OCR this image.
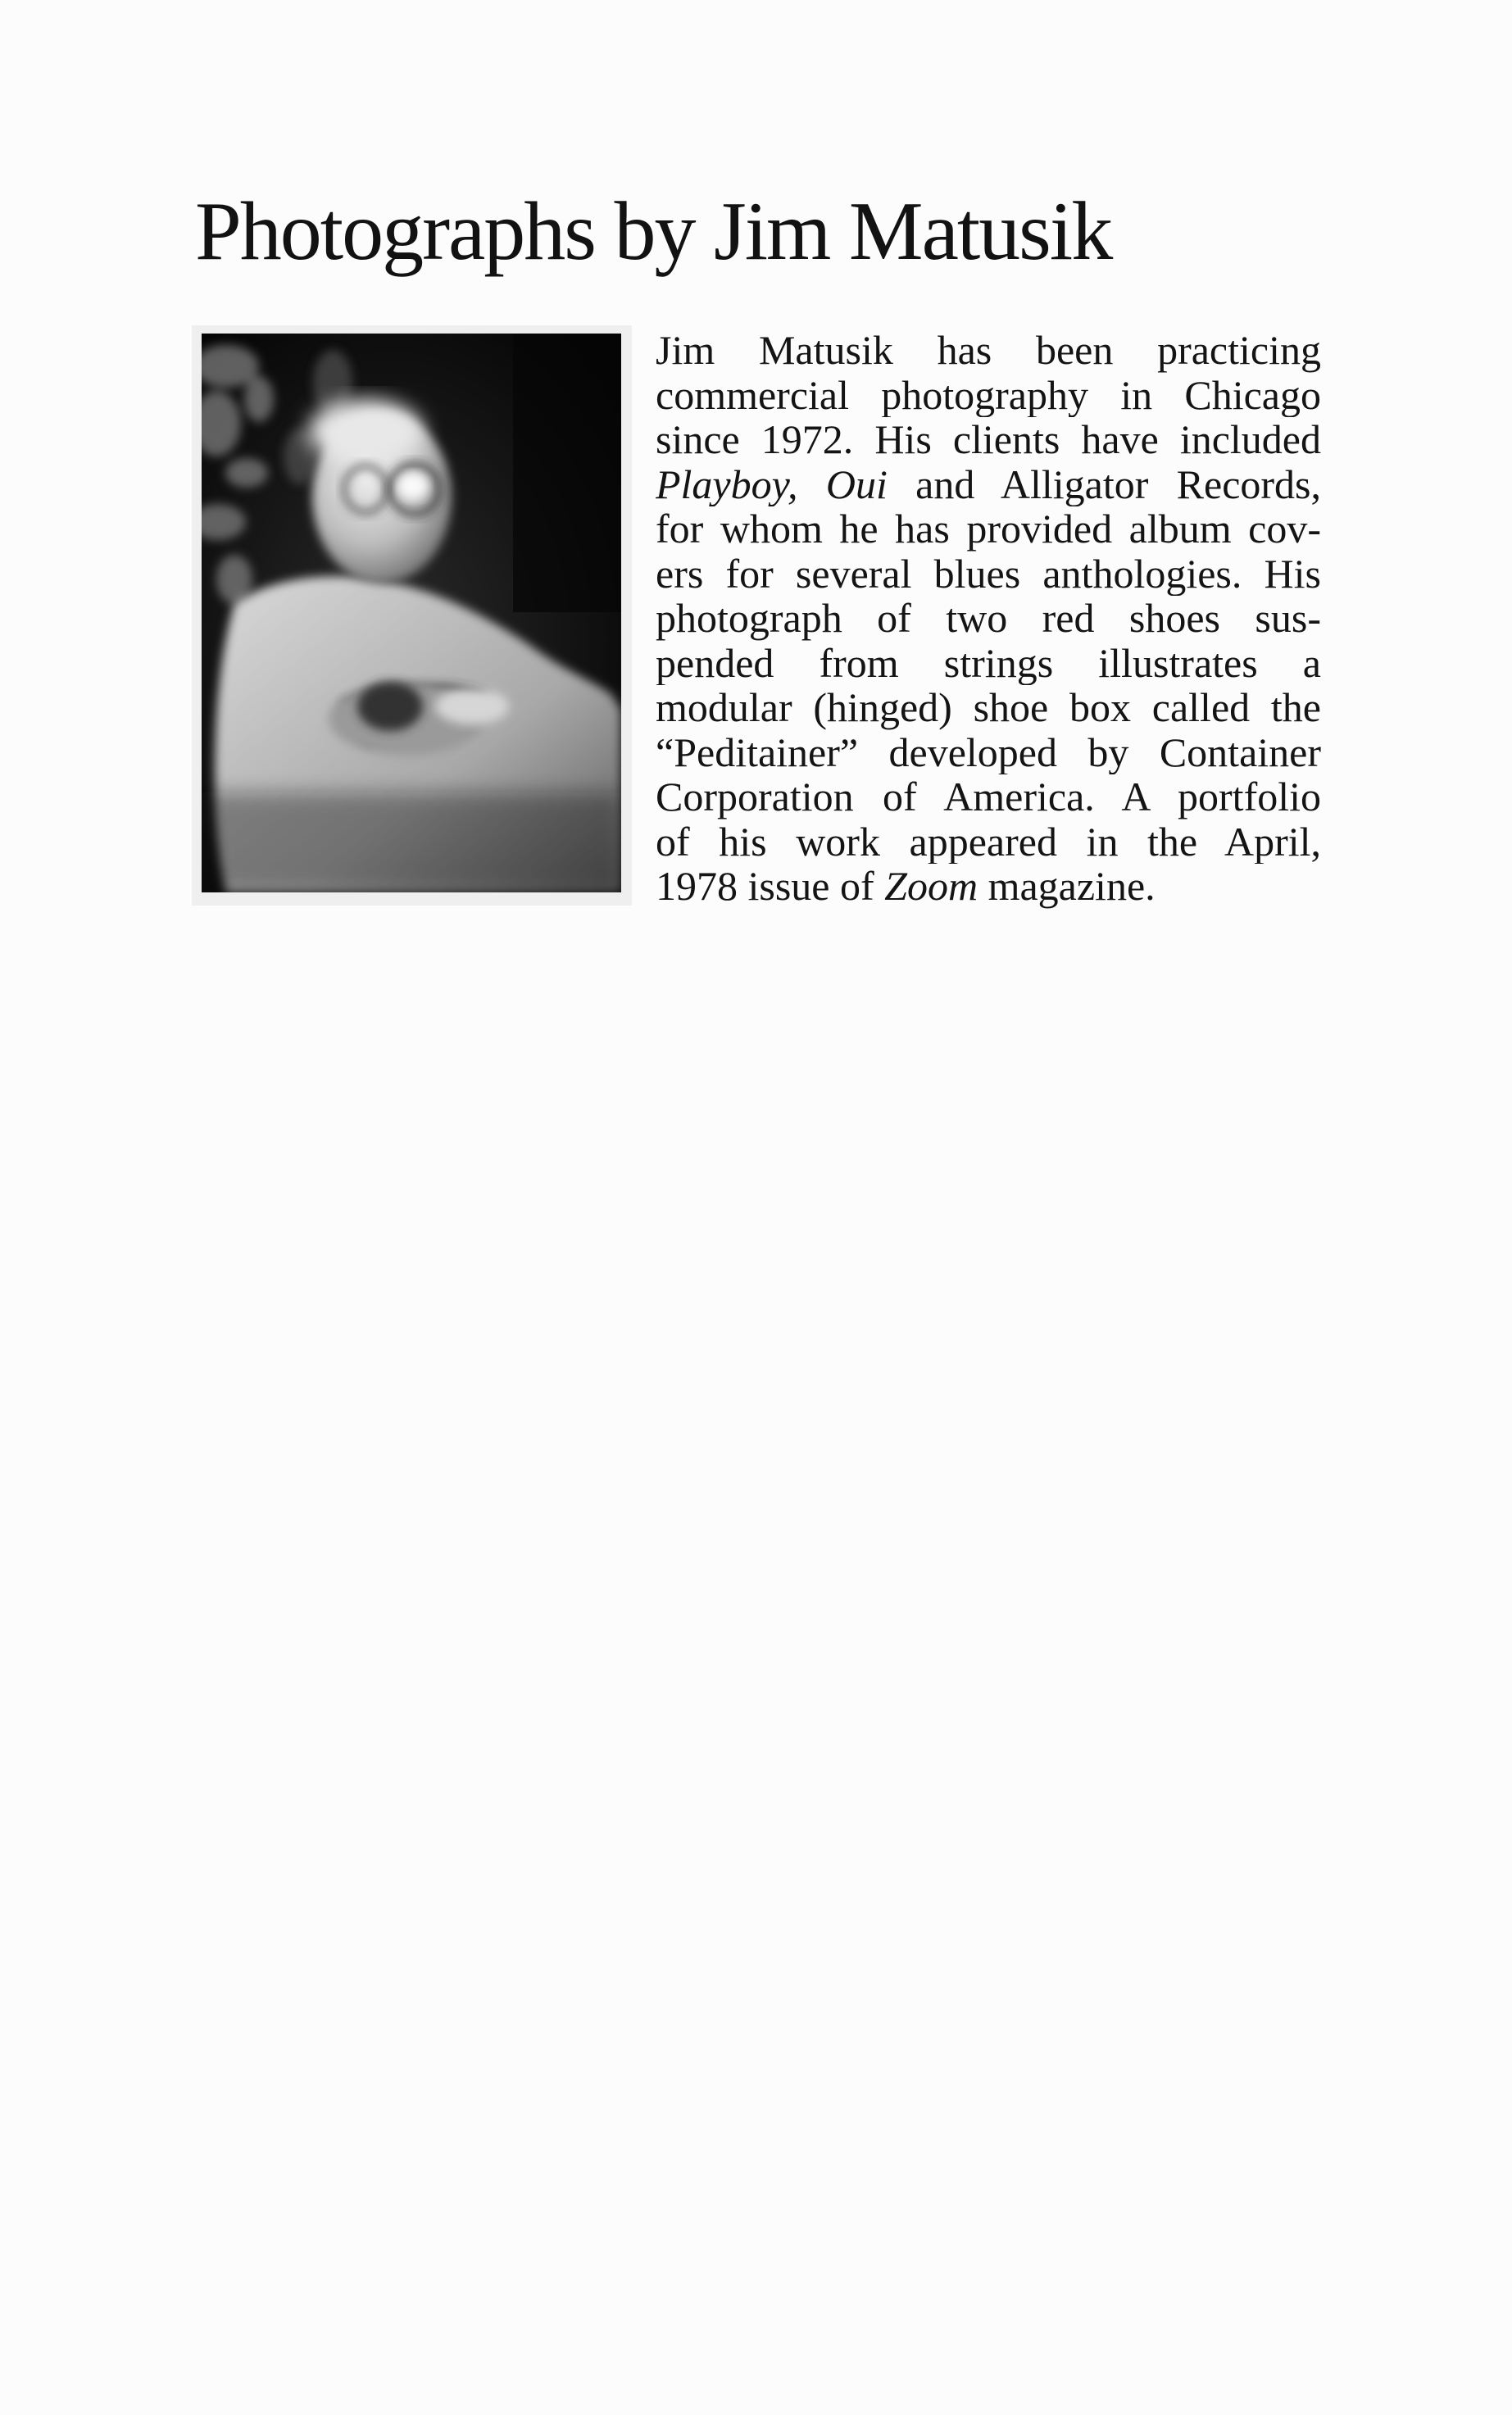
Photographs by Jim Matusik

Jim Matusik has been practicing
commercial photography in Chicago
since 1972. His clients have included
Playboy, Oui and Alligator Records,
for whom he has provided album cov-
ers for several blues anthologies. His
photograph of two red shoes sus-
pended from strings illustrates a
modular (hinged) shoe box called the
“Peditainer” developed by Container
Corporation of America. A portfolio
of his work appeared in the April,
1978 issue of Zoom magazine.
